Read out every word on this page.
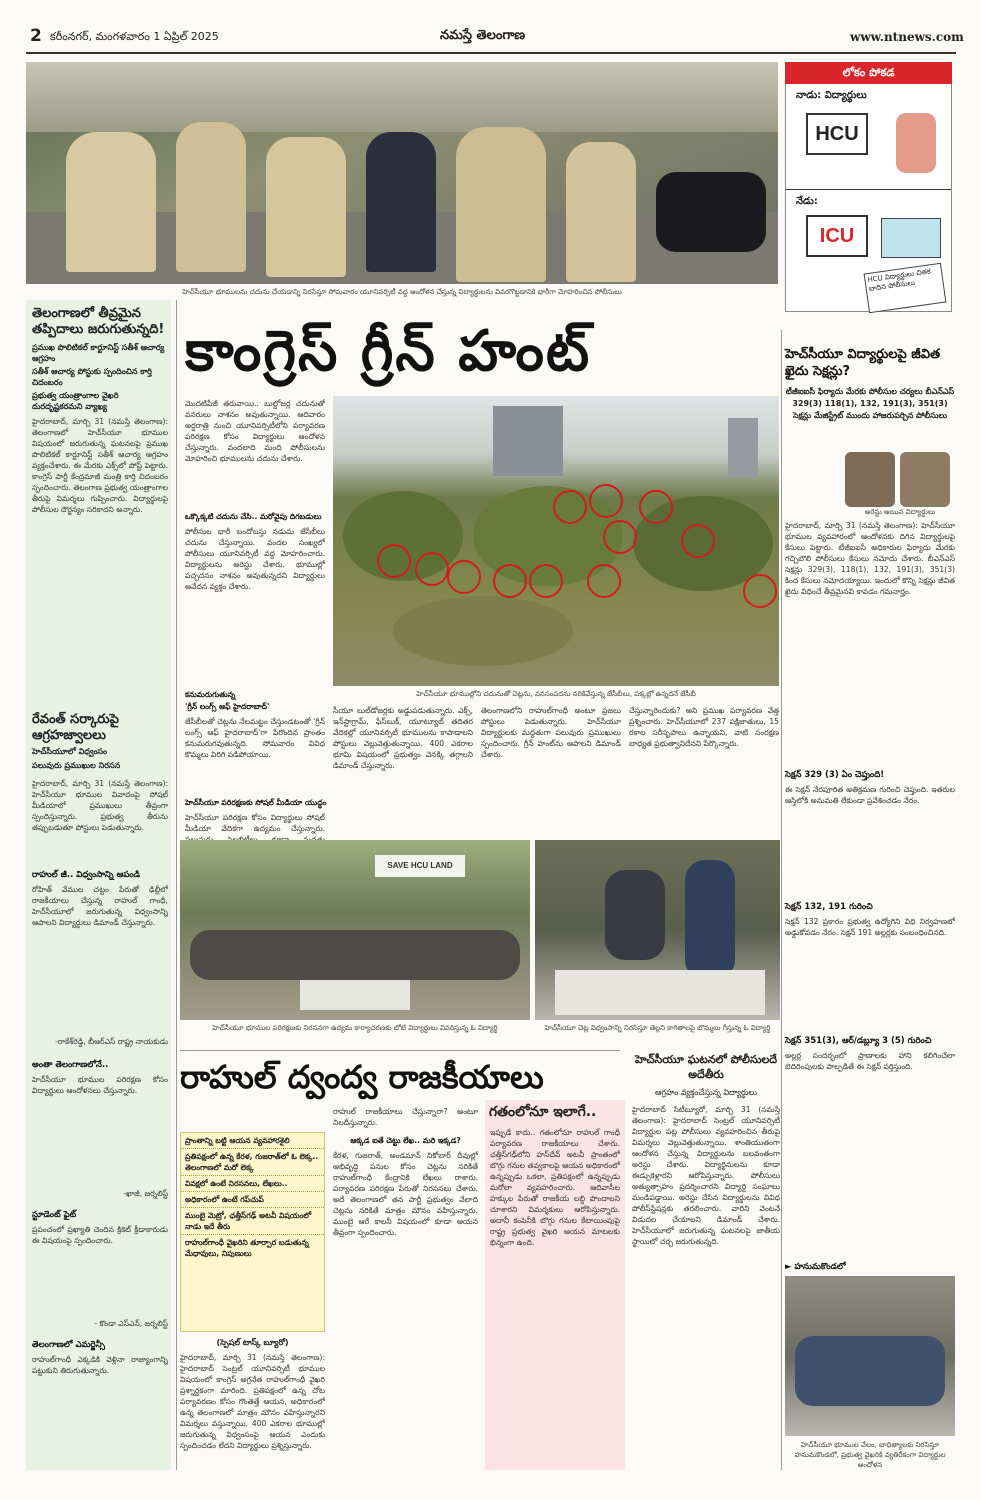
2 కరీంనగర్, మంగళవారం 1 ఏప్రిల్ 2025	నమస్తే తెలంగాణ	www.ntnews.com
హెచ్‌సీయూ భూములను చదును చేయడాన్ని నిరసిస్తూ సోమవారం యూనివర్సిటీ వద్ద ఆందోళన చేస్తున్న విద్యార్థులను వివరగొట్టడానికి భారీగా మోహరించిన పోలీసులు
నాడు: విద్యార్థులు
HCU
నేడు:
ICU
HCU విద్యార్థులు చితక బాదిన పోలీసులు
లోకం పోకడ
తెలంగాణలో తీవ్రమైన తప్పిదాలు జరుగుతున్నది!
ప్రముఖ పొలిటికల్ కార్టూనిస్ట్ సతీశ్ ఆచార్య ఆగ్రహం
సతీశ్ ఆచార్య పోస్టుకు స్పందించిన కార్తి చిదంబరం
ప్రభుత్వ యంత్రాంగాల వైఖరి దురదృష్టకరమని వ్యాఖ్య
హైదరాబాద్, మార్చి 31 (నమస్తే తెలంగాణ): తెలంగాణలో హెచ్‌సీయూ భూముల విషయంలో జరుగుతున్న ఘటనలపై ప్రముఖ పొలిటికల్ కార్టూనిస్ట్ సతీశ్ ఆచార్య ఆగ్రహం వ్యక్తంచేశారు. ఈ మేరకు ఎక్స్‌లో పోస్ట్ పెట్టారు. కాంగ్రెస్ పార్టీ కేంద్రమాజీ మంత్రి కార్తి చిదంబరం స్పందించారు. తెలంగాణ ప్రభుత్వ యంత్రాంగాల తీరుపై విమర్శలు గుప్పించారు. విద్యార్థులపై పోలీసుల దౌర్జన్యం సరికాదని అన్నారు.
రేవంత్ సర్కారుపై ఆగ్రహజ్వాలలు
హెచ్‌సీయూలో విధ్వంసం
పలువురు ప్రముఖుల నిరసన
హైదరాబాద్, మార్చి 31 (నమస్తే తెలంగాణ): హెచ్‌సీయూ భూముల వివాదంపై సోషల్ మీడియాలో ప్రముఖులు తీవ్రంగా స్పందిస్తున్నారు. ప్రభుత్వ తీరును తప్పుబడుతూ పోస్టులు పెడుతున్నారు.
రాహుల్ జీ.. విధ్వంసాన్ని ఆపండి
రోహిత్ వేముల చట్టం పేరుతో ఢిల్లీలో రాజకీయాలు చేస్తున్న రాహుల్ గాంధీ, హెచ్‌సీయూలో జరుగుతున్న విధ్వంసాన్ని ఆపాలని విద్యార్థులు డిమాండ్ చేస్తున్నారు.
-రాకేశ్‌రెడ్డి, బీఆర్‌ఎస్ రాష్ట్ర నాయకుడు
అంతా తెలంగాణలోనే..
హెచ్‌సీయూ భూముల పరిరక్షణ కోసం విద్యార్థులు ఆందోళనలు చేస్తున్నారు.
-ఖాజీ, జర్నలిస్ట్
స్టూడెంట్ ఫైట్
ప్రపంచంలో ప్రఖ్యాతి చెందిన క్రికెట్ క్రీడాకారుడు ఈ విషయంపై స్పందించారు.
- కొండా ఎస్ఎన్, జర్నలిస్ట్
తెలంగాణలో ఎమర్జెన్సీ
రాహుల్‌గాంధీ ఎక్కడికి వెళ్లినా రాజ్యాంగాన్ని పట్టుకుని తిరుగుతున్నారు.
కాంగ్రెస్ గ్రీన్ హంట్
మొదటిపేజీ తరువాయి.. బుల్డోజర్ల చదునుతో వనరులు నాశనం అవుతున్నాయి. ఆదివారం అర్ధరాత్రి నుంచి యూనివర్సిటీలోని పర్యావరణ పరిరక్షణ కోసం విద్యార్థులు ఆందోళన చేస్తున్నారు. వందలాది మంది పోలీసులను మోహరించి భూములను చదును చేశారు.
ఒక్కొక్కటి చదును చేసి.. మరోవైపు దిగబడులు
పోలీసుల భారీ బందోబస్తు నడుమ జేసీబీలు చదును చేస్తున్నాయి. వందల సంఖ్యలో పోలీసులు యూనివర్సిటీ వద్ద మోహరించారు. విద్యార్థులను అరెస్టు చేశారు. భూముల్లో పచ్చదనం నాశనం అవుతున్నదని విద్యార్థులు ఆవేదన వ్యక్తం చేశారు.
హెచ్‌సీయూ భూముల్లోని చదునుతో చెట్లను, వనసంపదను నరికివేస్తున్న జేసీబీలు, పక్కల్లో ఉన్నదనే జేసీబీ
కనుమరుగుతున్న
'గ్రీన్ లంగ్స్ ఆఫ్ హైదరాబాద్'
జేసీబీలతో చెట్లను నేలమట్టం చేస్తుండటంతో 'గ్రీన్ లంగ్స్ ఆఫ్ హైదరాబాద్'గా పేరొందిన ప్రాంతం కనుమరుగవుతున్నది. సోమవారం వివిధ కొమ్మలు విరిగి పడిపోయాయి.
హెచ్‌సీయూ పరిరక్షణకు సోషల్ మీడియా యుద్ధం
హెచ్‌సీయూ పరిరక్షణ కోసం విద్యార్థులు సోషల్ మీడియా వేదికగా ఉద్యమం చేస్తున్నారు.
సీయూ బుల్‌డోజర్లకు అడ్డుపడుతున్నారు. ఎక్స్, ఇన్‌స్టాగ్రామ్, ఫేస్‌బుక్, యూట్యూబ్ తదితర వేదికల్లో యూనివర్సిటీ భూములను కాపాడాలని పోస్టులు వెల్లువెత్తుతున్నాయి. 400 ఎకరాల భూమి విషయంలో ప్రభుత్వం వెనక్కి తగ్గాలని డిమాండ్ చేస్తున్నారు.
తెలంగాణలోని రాహుల్‌గాంధీ అంటూ ప్రజలు పోస్టులు పెడుతున్నారు. హెచ్‌సీయూ విద్యార్థులకు మద్దతుగా పలువురు ప్రముఖులు స్పందించారు. గ్రీన్ హంట్‌ను ఆపాలని డిమాండ్ చేశారు.
చేస్తున్నారెందుకు? అని ప్రముఖ పర్యావరణ వేత్త ప్రశ్నించారు. హెచ్‌సీయూలో 237 పక్షిజాతులు, 15 రకాల సరీసృపాలు ఉన్నాయని, వాటి సంరక్షణ బాధ్యత ప్రభుత్వానిదేనని పేర్కొన్నారు.
SAVE HCU LAND
హెచ్‌సీయూ భూముల పరిరక్షణకు నిరసనగా ఉద్యమ కార్యాచరణకు బోటి విద్యార్థులు వివరిస్తున్న ఓ విద్యార్థి	హెచ్‌సీయూ చెట్ల విధ్వంసాన్ని నిరసిస్తూ తెల్లని కాగితాలపై బొమ్మలు గీస్తున్న ఓ విద్యార్థి
హెచ్‌సీయూ విద్యార్థులపై జీవిత ఖైదు సెక్షన్లు?
టీజీఐఐసీ ఫిర్యాదు మేరకు పోలీసుల చర్యలు బీఎన్ఎస్ 329(3) 118(1), 132, 191(3), 351(3) సెక్షన్లు మేజిస్ట్రేట్ ముందు హాజరుపర్చిన పోలీసులు
అరెస్టు అయిన విద్యార్థులు
హైదరాబాద్, మార్చి 31 (నమస్తే తెలంగాణ): హెచ్‌సీయూ భూముల వ్యవహారంలో ఆందోళనకు దిగిన విద్యార్థులపై కేసులు పెట్టారు. టీజీఐఐసీ అధికారుల ఫిర్యాదు మేరకు గచ్చిబౌలి పోలీసులు కేసులు నమోదు చేశారు. బీఎన్ఎస్ సెక్షన్లు 329(3), 118(1), 132, 191(3), 351(3) కింద కేసులు నమోదయ్యాయి. ఇందులో కొన్ని సెక్షన్లు జీవిత ఖైదు విధించే తీవ్రమైనవి కావడం గమనార్హం.
సెక్షన్ 329 (3) ఏం చెప్తుంది!
ఈ సెక్షన్ నేరపూరిత అతిక్రమణ గురించి చెప్తుంది. ఇతరుల ఆస్తిలోకి అనుమతి లేకుండా ప్రవేశించడం నేరం.
సెక్షన్ 132, 191 గురించి
సెక్షన్ 132 ప్రకారం ప్రభుత్వ ఉద్యోగిని విధి నిర్వహణలో అడ్డుకోవడం నేరం. సెక్షన్ 191 అల్లర్లకు సంబంధించినది.
సెక్షన్ 351(3), ఆర్/డబ్ల్యూ 3 (5) గురించి
అల్లర్ల సందర్భంలో ప్రాణాలకు హాని కలిగించేలా బెదిరింపులకు పాల్పడితే ఈ సెక్షన్ వర్తిస్తుంది.
► హనుమకొండలో
హెచ్‌సీయూ భూముల వేలం, బాధిత్యాలకు నిరసిస్తూ హనుమకొండలో, ప్రభుత్వ వైఖరికి వ్యతిరేకంగా విద్యార్థుల ఆందోళన
రాహుల్ ద్వంద్వ రాజకీయాలు
ప్రాంతాన్ని బట్టి ఆయన వ్యవహారశైలి
ప్రతిపక్షంలో ఉన్న కేరళ, గుజరాత్‌లో ఓ లెక్క.. తెలంగాణలో మరో లెక్క
వివక్షలో ఉంటే నిరసనలు, లేఖలు..
అధికారంలో ఉంటే గప్‌చుప్
ముంబై మెట్రో, ఛత్తీస్‌గఢ్ అటవీ విషయంలో నాడు ఇదే తీరు
రాహుల్‌గాంధీ వైఖరిని తూర్పార బడుతున్న మేధావులు, నిపుణులు
(స్పెషల్ టాస్క్ బ్యూరో)
హైదరాబాద్, మార్చి 31 (నమస్తే తెలంగాణ): హైదరాబాద్ సెంట్రల్ యూనివర్సిటీ భూముల విషయంలో కాంగ్రెస్ అగ్రనేత రాహుల్‌గాంధీ వైఖరి ప్రశ్నార్థకంగా మారింది. ప్రతిపక్షంలో ఉన్న చోట పర్యావరణం కోసం గొంతెత్తే ఆయన, అధికారంలో ఉన్న తెలంగాణలో మాత్రం మౌనం వహిస్తున్నారని విమర్శలు వస్తున్నాయి. 400 ఎకరాల భూముల్లో జరుగుతున్న విధ్వంసంపై ఆయన ఎందుకు స్పందించడం లేదని విద్యార్థులు ప్రశ్నిస్తున్నారు.
రాహుల్ రాజకీయాలు చేస్తున్నారా? అంటూ నిలదీస్తున్నారు.
ఆక్కడ ఐతే చెట్టు లేఖ.. మరి ఇక్కడ?
కేరళ, గుజరాత్, అండమాన్ నికోబార్ దీవుల్లో అభివృద్ధి పనుల కోసం చెట్లను నరికితే రాహుల్‌గాంధీ కేంద్రానికి లేఖలు రాశారు. పర్యావరణ పరిరక్షణ పేరుతో నిరసనలు చేశారు. అదే తెలంగాణలో తన పార్టీ ప్రభుత్వం వేలాది చెట్లను నరికితే మాత్రం మౌనం వహిస్తున్నారు. ముంబై ఆరే కాలనీ విషయంలో కూడా ఆయన తీవ్రంగా స్పందించారు.
గతంలోనూ ఇలాగే..
ఇప్పుడే కాదు.. గతంలోనూ రాహుల్ గాంధీ పర్యావరణ రాజకీయాలు చేశారు. ఛత్తీస్‌గఢ్‌లోని హస్‌దేవ్ అటవీ ప్రాంతంలో బొగ్గు గనుల తవ్వకాలపై ఆయన అధికారంలో ఉన్నప్పుడు ఒకలా, ప్రతిపక్షంలో ఉన్నప్పుడు మరోలా వ్యవహరించారు. ఆదివాసీల హక్కుల పేరుతో రాజకీయ లబ్ధి పొందాలని చూశారని విమర్శకులు ఆరోపిస్తున్నారు. అదానీ కంపెనీకి బొగ్గు గనుల కేటాయింపుపై రాష్ట్ర ప్రభుత్వ వైఖరి ఆయన మాటలకు భిన్నంగా ఉంది.
హెచ్‌సీయూ ఘటనలో పోలీసులదే అదేతీరు
ఆగ్రహం వ్యక్తంచేస్తున్న విద్యార్థులు
హైదరాబాద్ సిటీబ్యూరో, మార్చి 31 (నమస్తే తెలంగాణ): హైదరాబాద్ సెంట్రల్ యూనివర్సిటీ విద్యార్థుల పట్ల పోలీసులు వ్యవహరించిన తీరుపై విమర్శలు వెల్లువెత్తుతున్నాయి. శాంతియుతంగా ఆందోళన చేస్తున్న విద్యార్థులను బలవంతంగా అరెస్టు చేశారు. విద్యార్థినులను కూడా ఈడ్చుకెళ్లారని ఆరోపిస్తున్నారు. పోలీసులు అత్యుత్సాహం ప్రదర్శించారని విద్యార్థి సంఘాలు మండిపడ్డాయి. అరెస్టు చేసిన విద్యార్థులను వివిధ పోలీస్‌స్టేషన్లకు తరలించారు. వారిని వెంటనే విడుదల చేయాలని డిమాండ్ చేశారు. హెచ్‌సీయూలో జరుగుతున్న ఘటనలపై జాతీయ స్థాయిలో చర్చ జరుగుతున్నది.
